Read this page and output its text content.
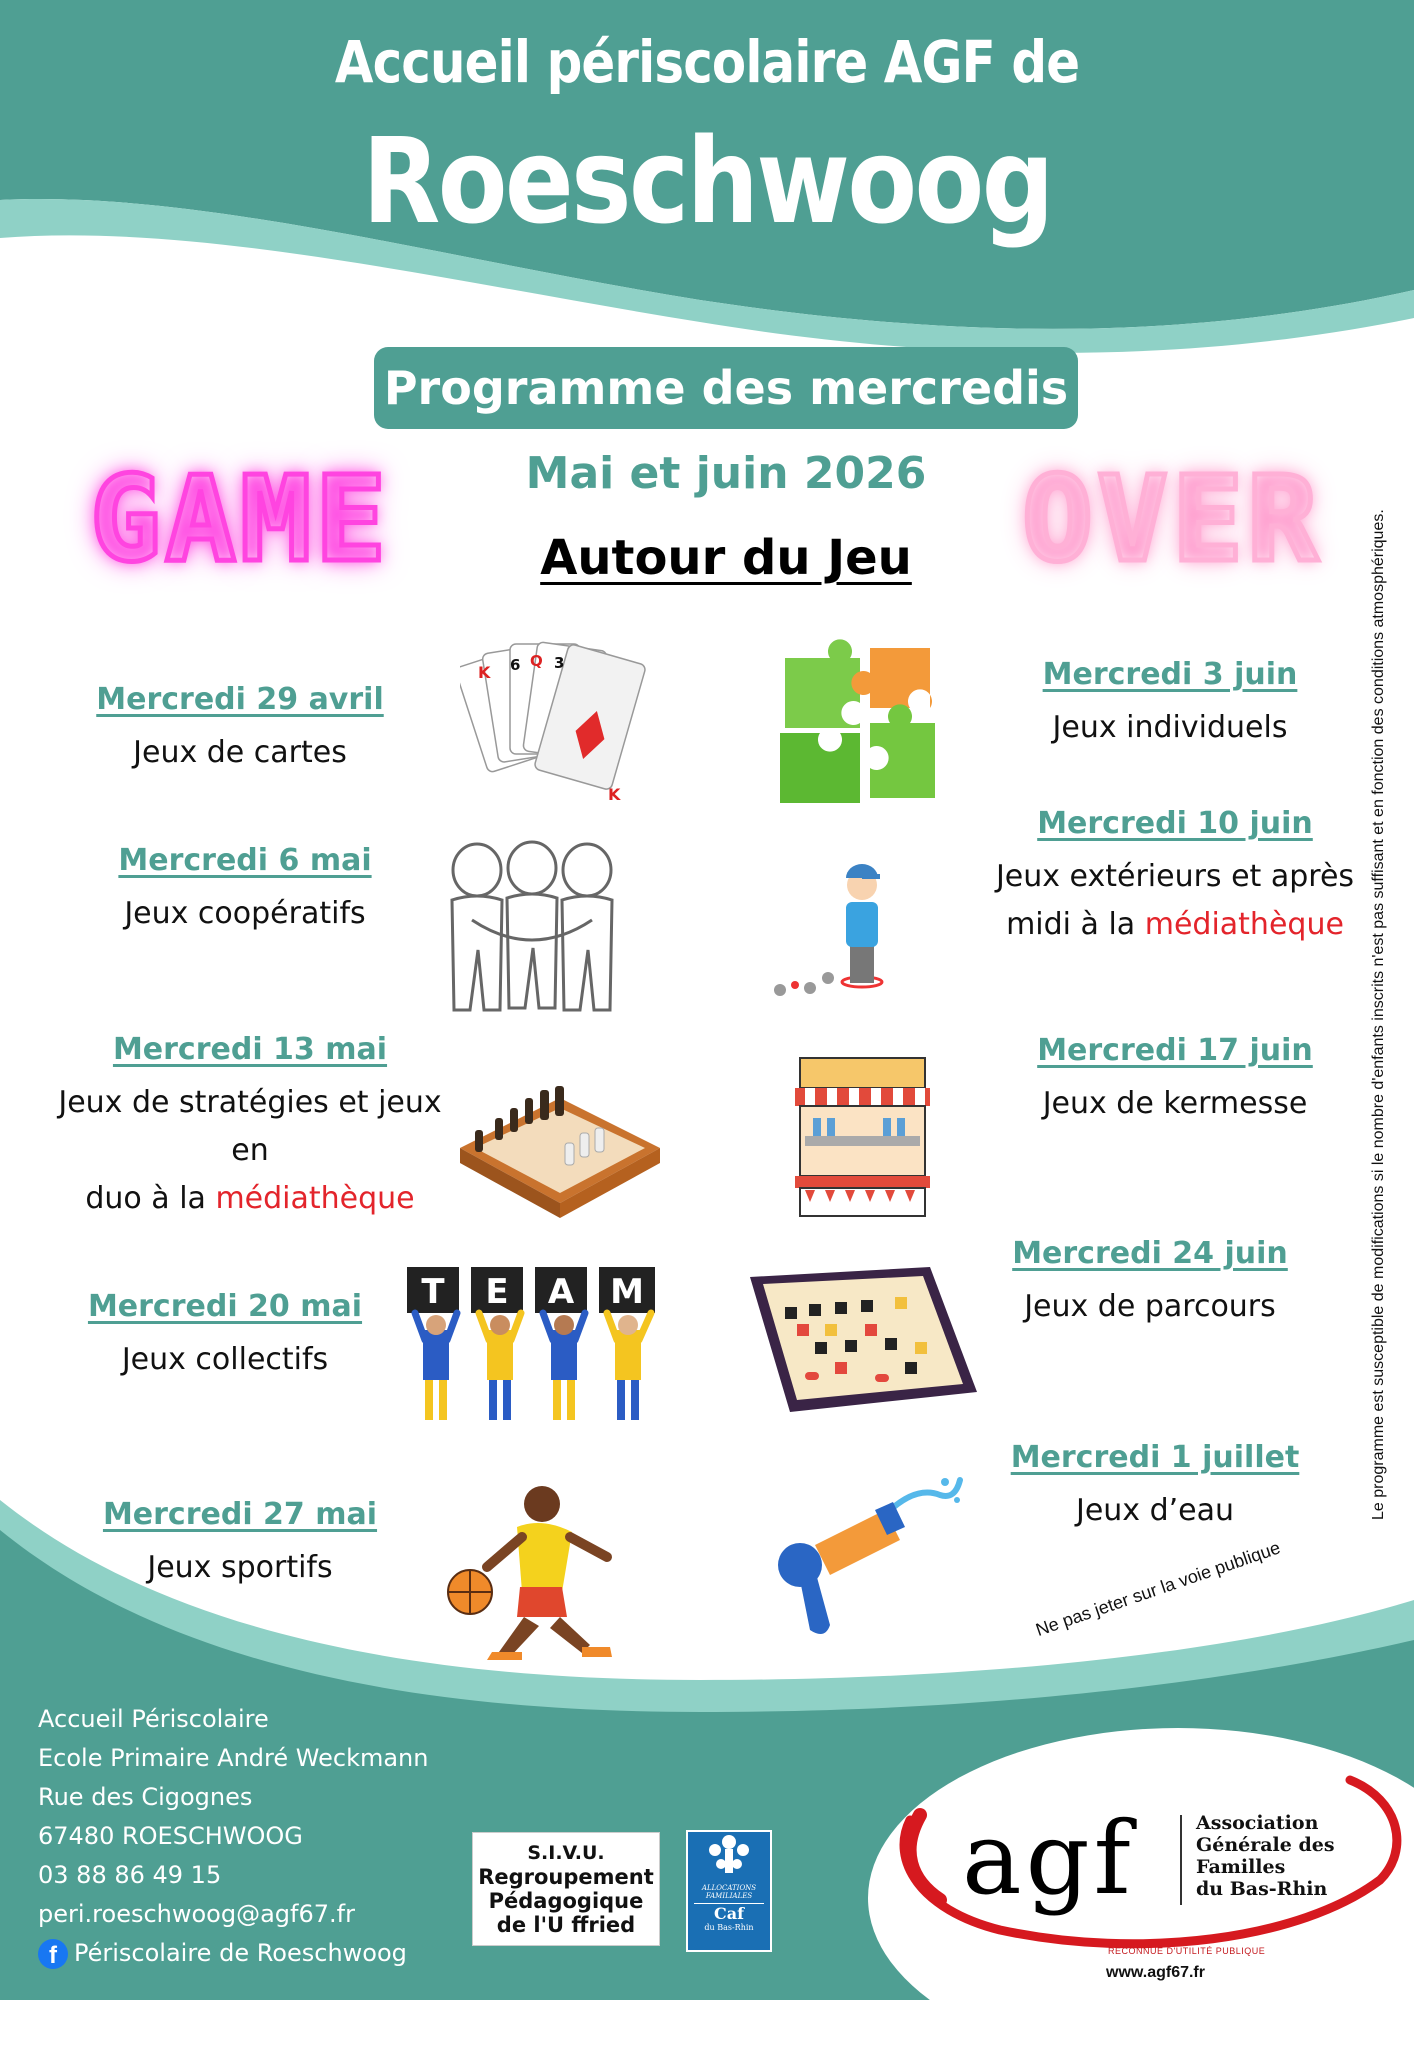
Accueil périscolaire AGF de
Roeschwoog
Programme des mercredis
Mai et juin 2026
Autour du Jeu
GAME	OVER	Le programme est susceptible de modifications si le nombre d'enfants inscrits n'est pas suffisant et en fonction des conditions atmosphériques.
Mercredi 29 avril
Jeux de cartes
Mercredi 6 mai
Jeux coopératifs
Mercredi 13 mai
Jeux de stratégies et jeux en
duo à la médiathèque
Mercredi 20 mai
Jeux collectifs
Mercredi 27 mai
Jeux sportifs
Mercredi 3 juin
Jeux individuels
Mercredi 10 juin
Jeux extérieurs et après
midi à la médiathèque
Mercredi 17 juin
Jeux de kermesse
Mercredi 24 juin
Jeux de parcours
Mercredi 1 juillet
Jeux d’eau
K 6 Q 3
K
T E A M
Ne pas jeter sur la voie publique
Accueil Périscolaire
Ecole Primaire André Weckmann
Rue des Cigognes
67480 ROESCHWOOG
03 88 86 49 15
peri.roeschwoog@agf67.fr
f Périscolaire de Roeschwoog
S.I.V.U.
Regroupement
Pédagogique
de l'U ffried
ALLOCATIONS
FAMILIALES
Caf
du Bas-Rhin
agf	Association
Générale des
Familles
du Bas-Rhin
RECONNUE D'UTILITÉ PUBLIQUE
www.agf67.fr
